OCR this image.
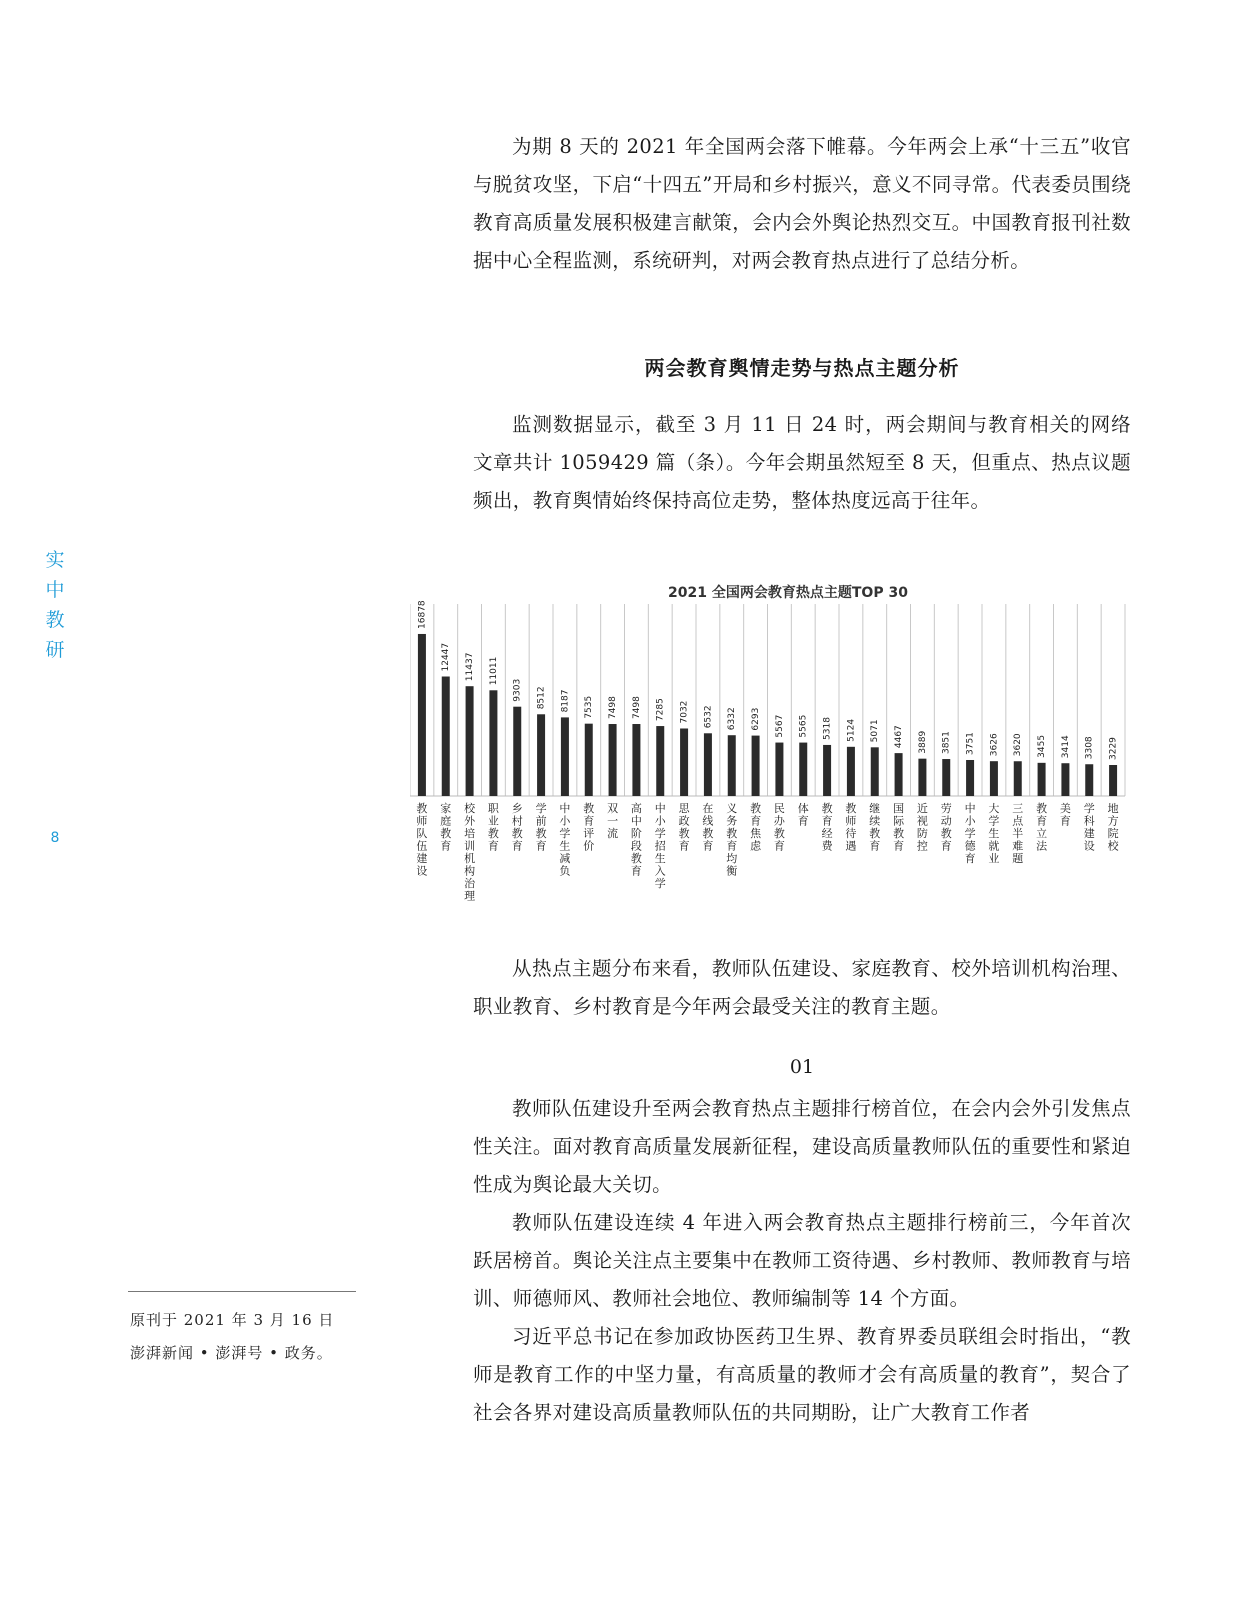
实
中
教
研
8

为期 8 天的 2021 年全国两会落下帷幕。今年两会上承“十三五”收官与脱贫攻坚，下启“十四五”开局和乡村振兴，意义不同寻常。代表委员围绕教育高质量发展积极建言献策，会内会外舆论热烈交互。中国教育报刊社数据中心全程监测，系统研判，对两会教育热点进行了总结分析。

两会教育舆情走势与热点主题分析

监测数据显示，截至 3 月 11 日 24 时，两会期间与教育相关的网络文章共计 1059429 篇（条）。今年会期虽然短至 8 天，但重点、热点议题频出，教育舆情始终保持高位走势，整体热度远高于往年。

2021 全国两会教育热点主题TOP 30
16878
教
师
队
伍
建
设
12447
家
庭
教
育
11437
校
外
培
训
机
构
治
理
11011
职
业
教
育
9303
乡
村
教
育
8512
学
前
教
育
8187
中
小
学
生
减
负
7535
教
育
评
价
7498
双
一
流
7498
高
中
阶
段
教
育
7285
中
小
学
招
生
入
学
7032
思
政
教
育
6532
在
线
教
育
6332
义
务
教
育
均
衡
6293
教
育
焦
虑
5567
民
办
教
育
5565
体
育
5318
教
育
经
费
5124
教
师
待
遇
5071
继
续
教
育
4467
国
际
教
育
3889
近
视
防
控
3851
劳
动
教
育
3751
中
小
学
德
育
3626
大
学
生
就
业
3620
三
点
半
难
题
3455
教
育
立
法
3414
美
育
3308
学
科
建
设
3229
地
方
院
校

从热点主题分布来看，教师队伍建设、家庭教育、校外培训机构治理、职业教育、乡村教育是今年两会最受关注的教育主题。

01

教师队伍建设升至两会教育热点主题排行榜首位，在会内会外引发焦点性关注。面对教育高质量发展新征程，建设高质量教师队伍的重要性和紧迫性成为舆论最大关切。

教师队伍建设连续 4 年进入两会教育热点主题排行榜前三，今年首次跃居榜首。舆论关注点主要集中在教师工资待遇、乡村教师、教师教育与培训、师德师风、教师社会地位、教师编制等 14 个方面。

习近平总书记在参加政协医药卫生界、教育界委员联组会时指出，“教师是教育工作的中坚力量，有高质量的教师才会有高质量的教育”，契合了社会各界对建设高质量教师队伍的共同期盼，让广大教育工作者

原刊于 2021 年 3 月 16 日
澎湃新闻 • 澎湃号 • 政务。
